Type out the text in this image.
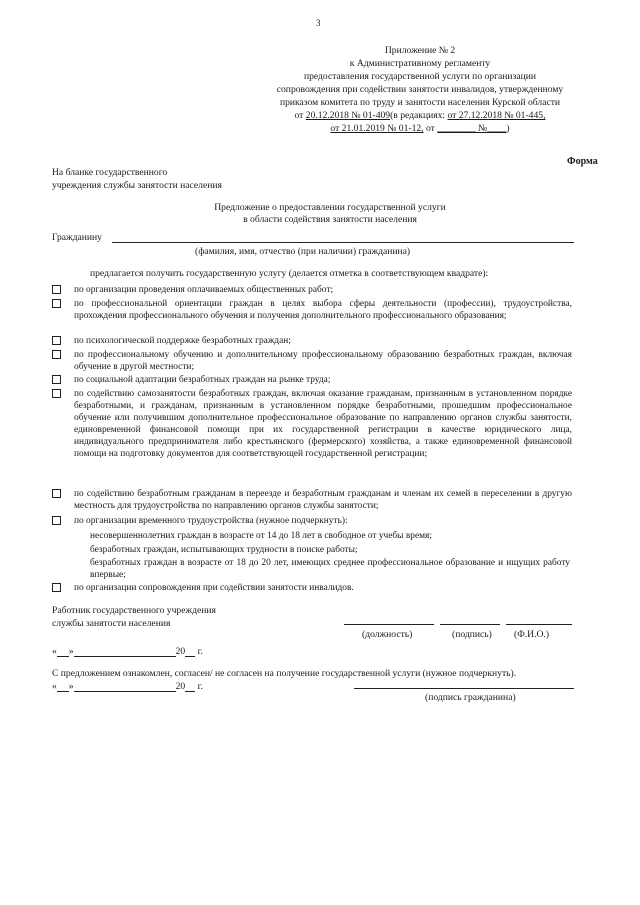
3
Приложение № 2
к Административному регламенту
предоставления государственной услуги по организации
сопровождения при содействии занятости инвалидов, утвержденному
приказом комитета по труду и занятости населения Курской области
от 20.12.2018 № 01-409(в редакциях: от 27.12.2018 № 01-445,
от 21.01.2019 № 01-12, от ________ №____)
Форма
На бланке государственного
учреждения службы занятости населения
Предложение о предоставлении государственной услуги
в области содействия занятости населения
Гражданину
(фамилия, имя, отчество (при наличии) гражданина)
предлагается получить государственную услугу (делается отметка в соответствующем квадрате):
по организации проведения оплачиваемых общественных работ;
по профессиональной ориентации граждан в целях выбора сферы деятельности (профессии), трудоустройства, прохождения профессионального обучения и получения дополнительного профессионального образования;
по психологической поддержке безработных граждан;
по профессиональному обучению и дополнительному профессиональному образованию безработных граждан, включая обучение в другой местности;
по социальной адаптации безработных граждан на рынке труда;
по содействию самозанятости безработных граждан, включая оказание гражданам, признанным в установленном порядке безработными, и гражданам, признанным в установленном порядке безработными, прошедшим профессиональное обучение или получившим дополнительное профессиональное образование по направлению органов службы занятости, единовременной финансовой помощи при их государственной регистрации в качестве юридического лица, индивидуального предпринимателя либо крестьянского (фермерского) хозяйства, а также единовременной финансовой помощи на подготовку документов для соответствующей государственной регистрации;
по содействию безработным гражданам в переезде и безработным гражданам и членам их семей в переселении в другую местность для трудоустройства по направлению органов службы занятости;
по организации временного трудоустройства (нужное подчеркнуть):
несовершеннолетних граждан в возрасте от 14 до 18 лет в свободное от учебы время;
безработных граждан, испытывающих трудности в поиске работы;
безработных граждан в возрасте от 18 до 20 лет, имеющих среднее профессиональное образование и ищущих работу впервые;
по организации сопровождения при содействии занятости инвалидов.
Работник государственного учреждения
службы занятости населения
(должность)	(подпись) (Ф.И.О.)
« »	20 г.
С предложением ознакомлен, согласен/ не согласен на получение государственной услуги (нужное подчеркнуть).
« »	20 г.
(подпись гражданина)
